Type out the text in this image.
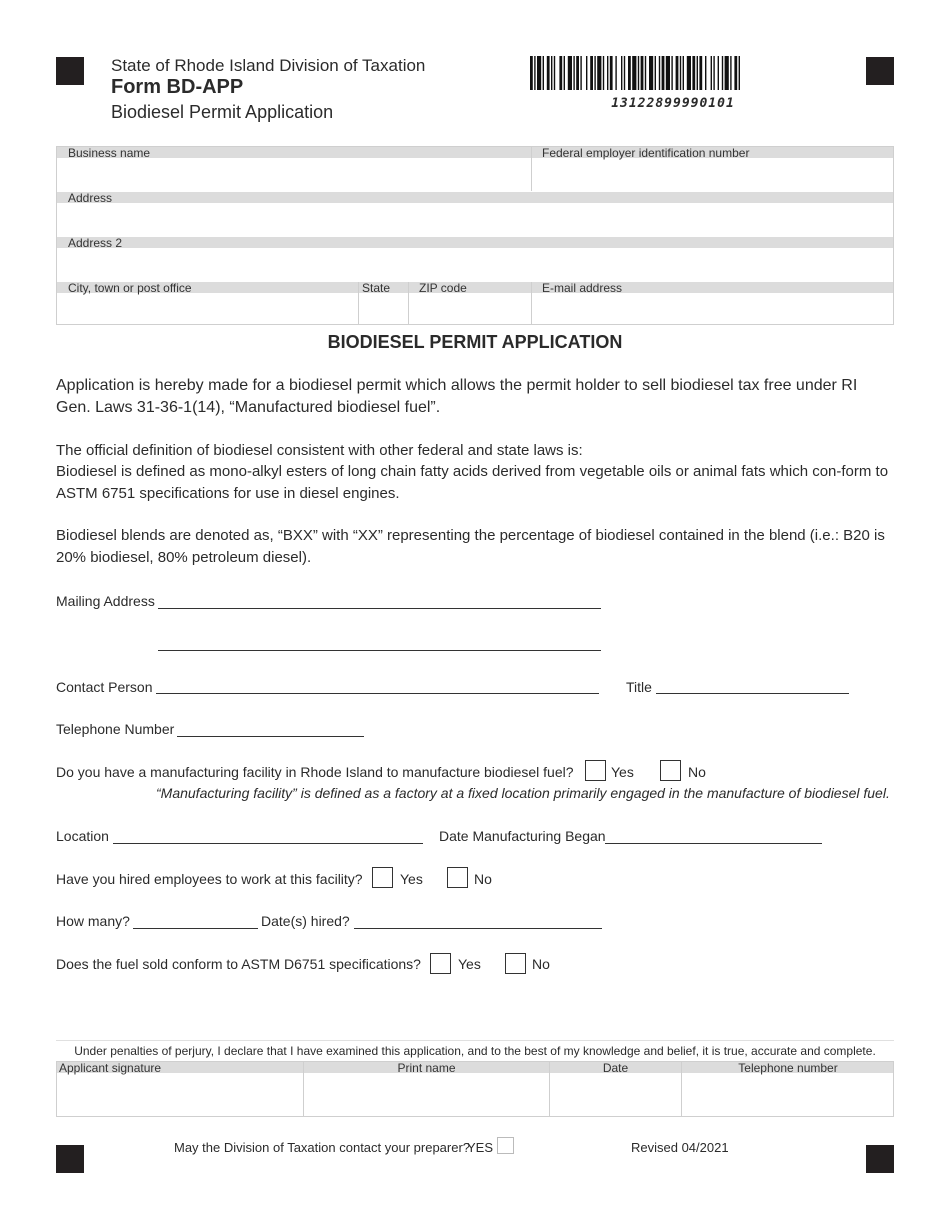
State of Rhode Island Division of Taxation
Form BD-APP
Biodiesel Permit Application	13122899990101
Business name	Federal employer identification number
Address
Address 2
City, town or post office	State ZIP code	E-mail address
BIODIESEL PERMIT APPLICATION
Application is hereby made for a biodiesel permit which allows the permit holder to sell biodiesel tax free under RI Gen. Laws 31-36-1(14), “Manufactured biodiesel fuel”.
The official definition of biodiesel consistent with other federal and state laws is:
Biodiesel is defined as mono-alkyl esters of long chain fatty acids derived from vegetable oils or animal fats which con-form to ASTM 6751 specifications for use in diesel engines.
Biodiesel blends are denoted as, “BXX” with “XX” representing the percentage of biodiesel contained in the blend (i.e.: B20 is 20% biodiesel, 80% petroleum diesel).
Mailing Address
Contact Person	Title
Telephone Number
Do you have a manufacturing facility in Rhode Island to manufacture biodiesel fuel?	Yes	No
“Manufacturing facility” is defined as a factory at a fixed location primarily engaged in the manufacture of biodiesel fuel.
Location	Date Manufacturing Began
Have you hired employees to work at this facility?	Yes	No
How many?	Date(s) hired?
Does the fuel sold conform to ASTM D6751 specifications?	Yes	No
Under penalties of perjury, I declare that I have examined this application, and to the best of my knowledge and belief, it is true, accurate and complete.
Applicant signature	Print name	Date	Telephone number
May the Division of Taxation contact your preparer?
YES	Revised 04/2021
